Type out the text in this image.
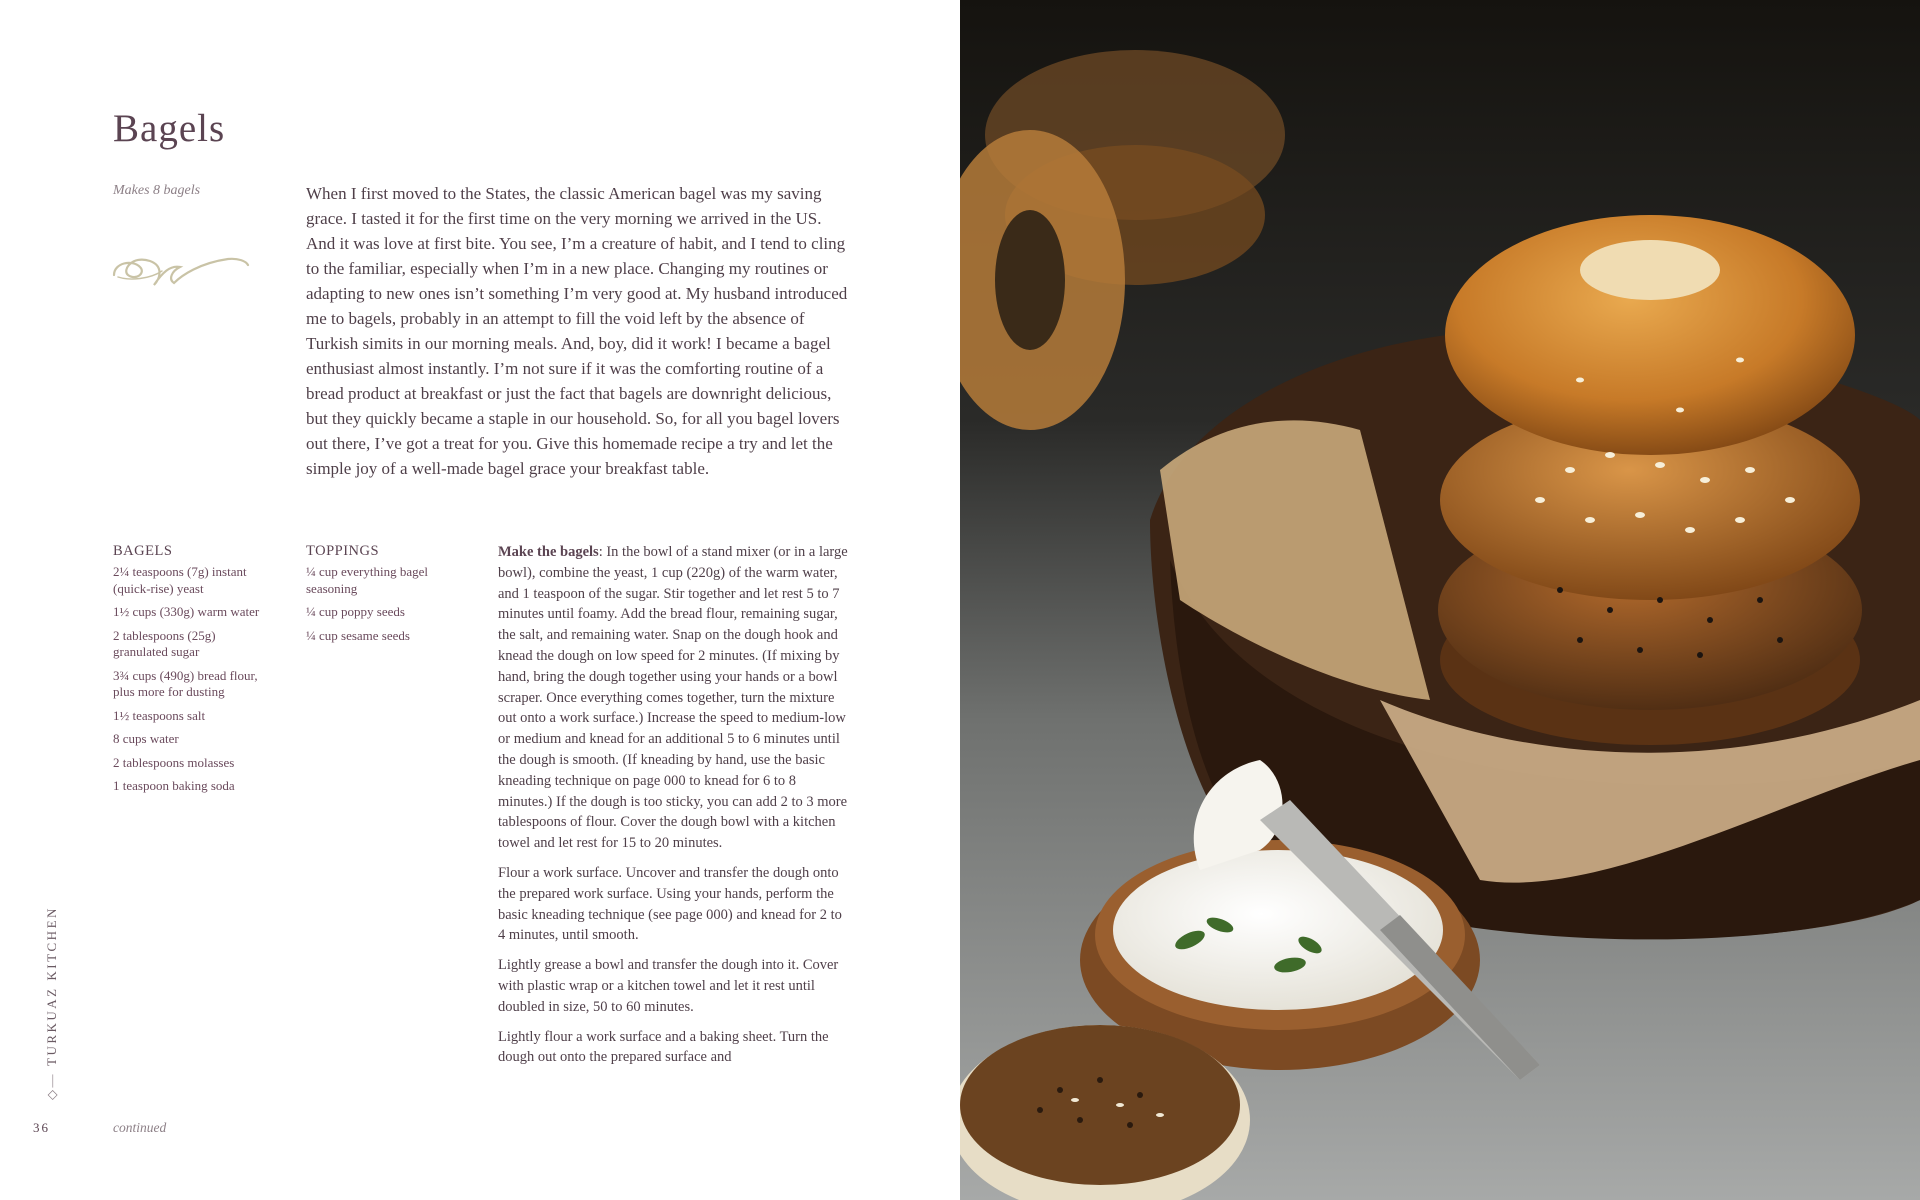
Bagels
Makes 8 bagels	When I first moved to the States, the classic American bagel was my saving grace. I tasted it for the first time on the very morning we arrived in the US. And it was love at first bite. You see, I’m a creature of habit, and I tend to cling to the familiar, especially when I’m in a new place. Changing my routines or adapting to new ones isn’t something I’m very good at. My husband introduced me to bagels, probably in an attempt to fill the void left by the absence of Turkish simits in our morning meals. And, boy, did it work! I became a bagel enthusiast almost instantly. I’m not sure if it was the comforting routine of a bread product at breakfast or just the fact that bagels are downright delicious, but they quickly became a staple in our household. So, for all you bagel lovers out there, I’ve got a treat for you. Give this homemade recipe a try and let the simple joy of a well-made bagel grace your breakfast table.

BAGELS
2¼ teaspoons (7g) instant (quick-rise) yeast
1½ cups (330g) warm water
2 tablespoons (25g) granulated sugar
3¾ cups (490g) bread flour, plus more for dusting
1½ teaspoons salt
8 cups water
2 tablespoons molasses
1 teaspoon baking soda
TOPPINGS
¼ cup everything bagel seasoning
¼ cup poppy seeds
¼ cup sesame seeds

Make the bagels: In the bowl of a stand mixer (or in a large bowl), combine the yeast, 1 cup (220g) of the warm water, and 1 teaspoon of the sugar. Stir together and let rest 5 to 7 minutes until foamy. Add the bread flour, remaining sugar, the salt, and remaining water. Snap on the dough hook and knead the dough on low speed for 2 minutes. (If mixing by hand, bring the dough together using your hands or a bowl scraper. Once everything comes together, turn the mixture out onto a work surface.) Increase the speed to medium-low or medium and knead for an additional 5 to 6 minutes until the dough is smooth. (If kneading by hand, use the basic kneading technique on page 000 to knead for 6 to 8 minutes.) If the dough is too sticky, you can add 2 to 3 more tablespoons of flour. Cover the dough bowl with a kitchen towel and let rest for 15 to 20 minutes.

Flour a work surface. Uncover and transfer the dough onto the prepared work surface. Using your hands, perform the basic kneading technique (see page 000) and knead for 2 to 4 minutes, until smooth.

Lightly grease a bowl and transfer the dough into it. Cover with plastic wrap or a kitchen towel and let it rest until doubled in size, 50 to 60 minutes.

Lightly flour a work surface and a baking sheet. Turn the dough out onto the prepared surface and

continued
36
◇—TURKUAZ KITCHEN
